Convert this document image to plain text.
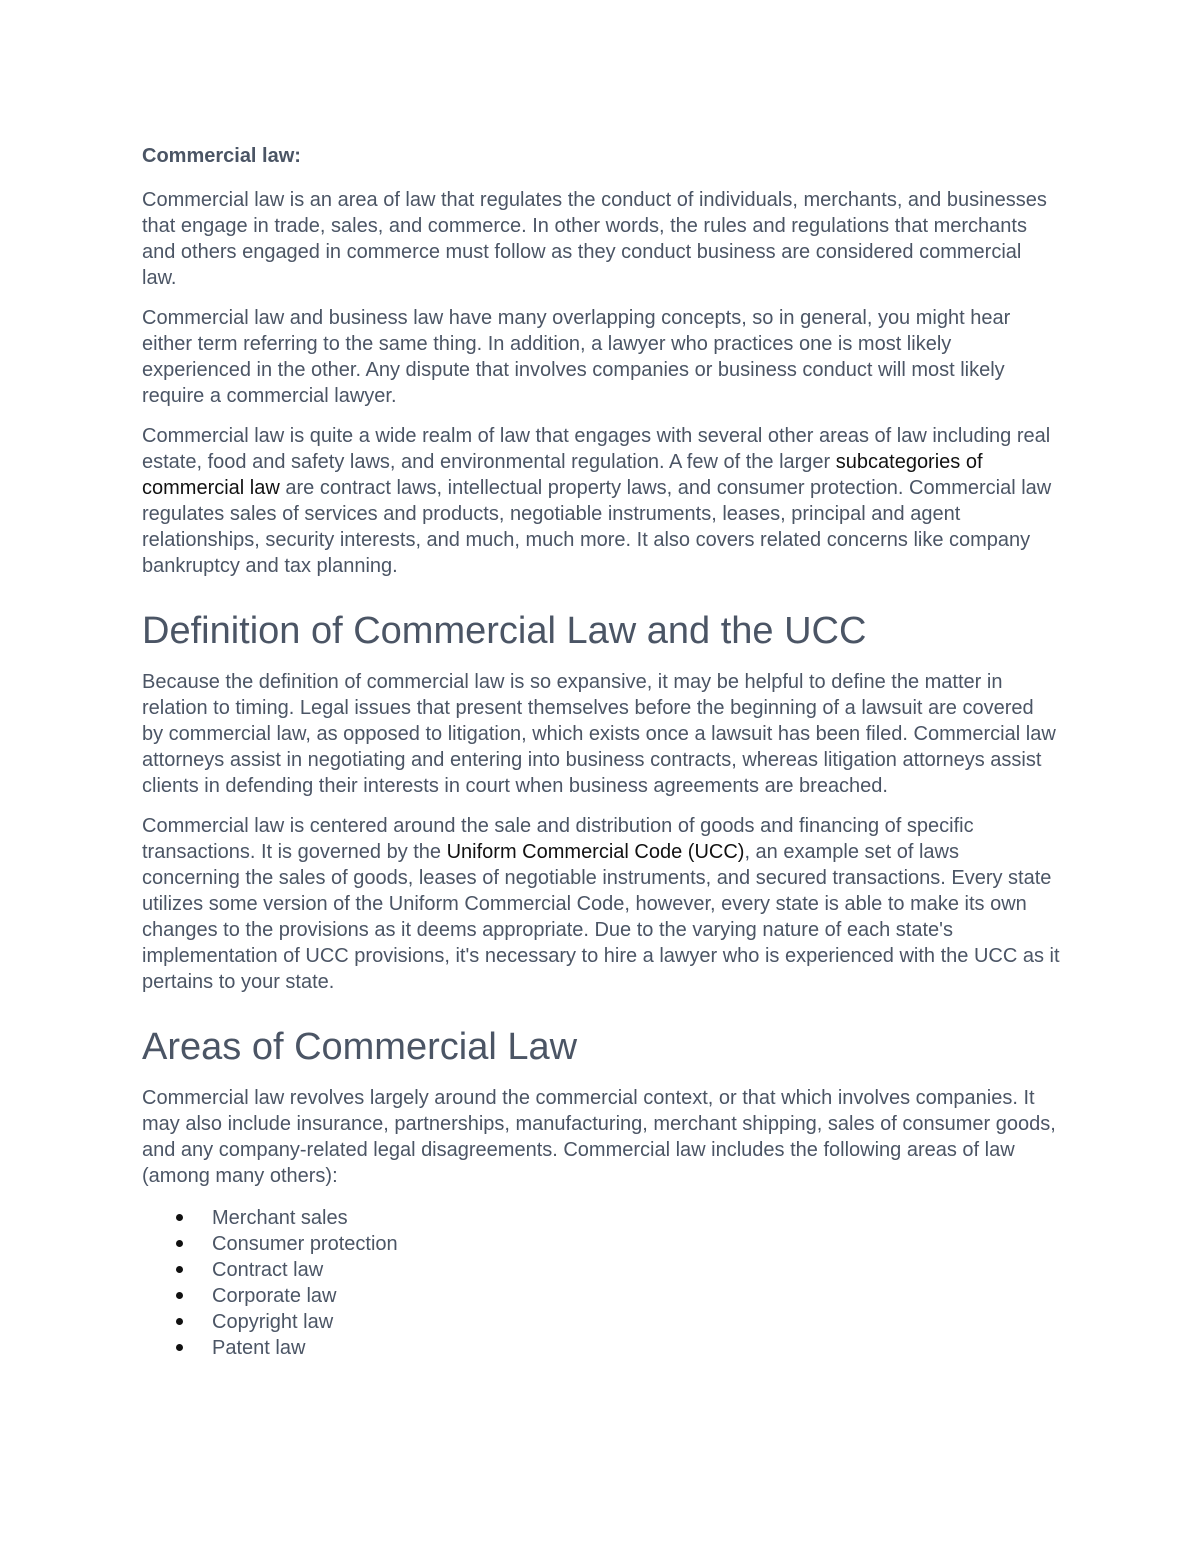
Commercial law:

Commercial law is an area of law that regulates the conduct of individuals, merchants, and businesses that engage in trade, sales, and commerce. In other words, the rules and regulations that merchants and others engaged in commerce must follow as they conduct business are considered commercial law.

Commercial law and business law have many overlapping concepts, so in general, you might hear either term referring to the same thing. In addition, a lawyer who practices one is most likely experienced in the other. Any dispute that involves companies or business conduct will most likely require a commercial lawyer.

Commercial law is quite a wide realm of law that engages with several other areas of law including real estate, food and safety laws, and environmental regulation. A few of the larger subcategories of commercial law are contract laws, intellectual property laws, and consumer protection. Commercial law regulates sales of services and products, negotiable instruments, leases, principal and agent relationships, security interests, and much, much more. It also covers related concerns like company bankruptcy and tax planning.

Definition of Commercial Law and the UCC

Because the definition of commercial law is so expansive, it may be helpful to define the matter in relation to timing. Legal issues that present themselves before the beginning of a lawsuit are covered by commercial law, as opposed to litigation, which exists once a lawsuit has been filed. Commercial law attorneys assist in negotiating and entering into business contracts, whereas litigation attorneys assist clients in defending their interests in court when business agreements are breached.

Commercial law is centered around the sale and distribution of goods and financing of specific transactions. It is governed by the Uniform Commercial Code (UCC), an example set of laws concerning the sales of goods, leases of negotiable instruments, and secured transactions. Every state utilizes some version of the Uniform Commercial Code, however, every state is able to make its own changes to the provisions as it deems appropriate. Due to the varying nature of each state's implementation of UCC provisions, it's necessary to hire a lawyer who is experienced with the UCC as it pertains to your state.

Areas of Commercial Law

Commercial law revolves largely around the commercial context, or that which involves companies. It may also include insurance, partnerships, manufacturing, merchant shipping, sales of consumer goods, and any company-related legal disagreements. Commercial law includes the following areas of law (among many others):

Merchant sales
Consumer protection
Contract law
Corporate law
Copyright law
Patent law
